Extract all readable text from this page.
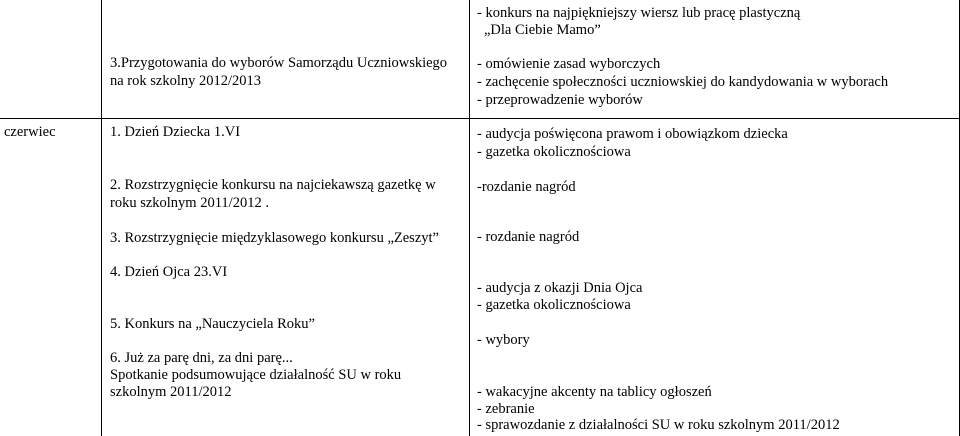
3.Przygotowania do wyborów Samorządu Uczniowskiego
na rok szkolny 2012/2013
- konkurs na najpiękniejszy wiersz lub pracę plastyczną
„Dla Ciebie Mamo”
- omówienie zasad wyborczych
- zachęcenie społeczności uczniowskiej do kandydowania w wyborach
- przeprowadzenie wyborów
czerwiec	1. Dzień Dziecka 1.VI
2. Rozstrzygnięcie konkursu na najciekawszą gazetkę w
roku szkolnym 2011/2012 .
3. Rozstrzygnięcie międzyklasowego konkursu „Zeszyt”
4. Dzień Ojca 23.VI
5. Konkurs na „Nauczyciela Roku”
6. Już za parę dni, za dni parę...
Spotkanie podsumowujące działalność SU w roku
szkolnym 2011/2012
- audycja poświęcona prawom i obowiązkom dziecka
- gazetka okolicznościowa
-rozdanie nagród
- rozdanie nagród
- audycja z okazji Dnia Ojca
- gazetka okolicznościowa
- wybory
- wakacyjne akcenty na tablicy ogłoszeń
- zebranie
- sprawozdanie z działalności SU w roku szkolnym 2011/2012
